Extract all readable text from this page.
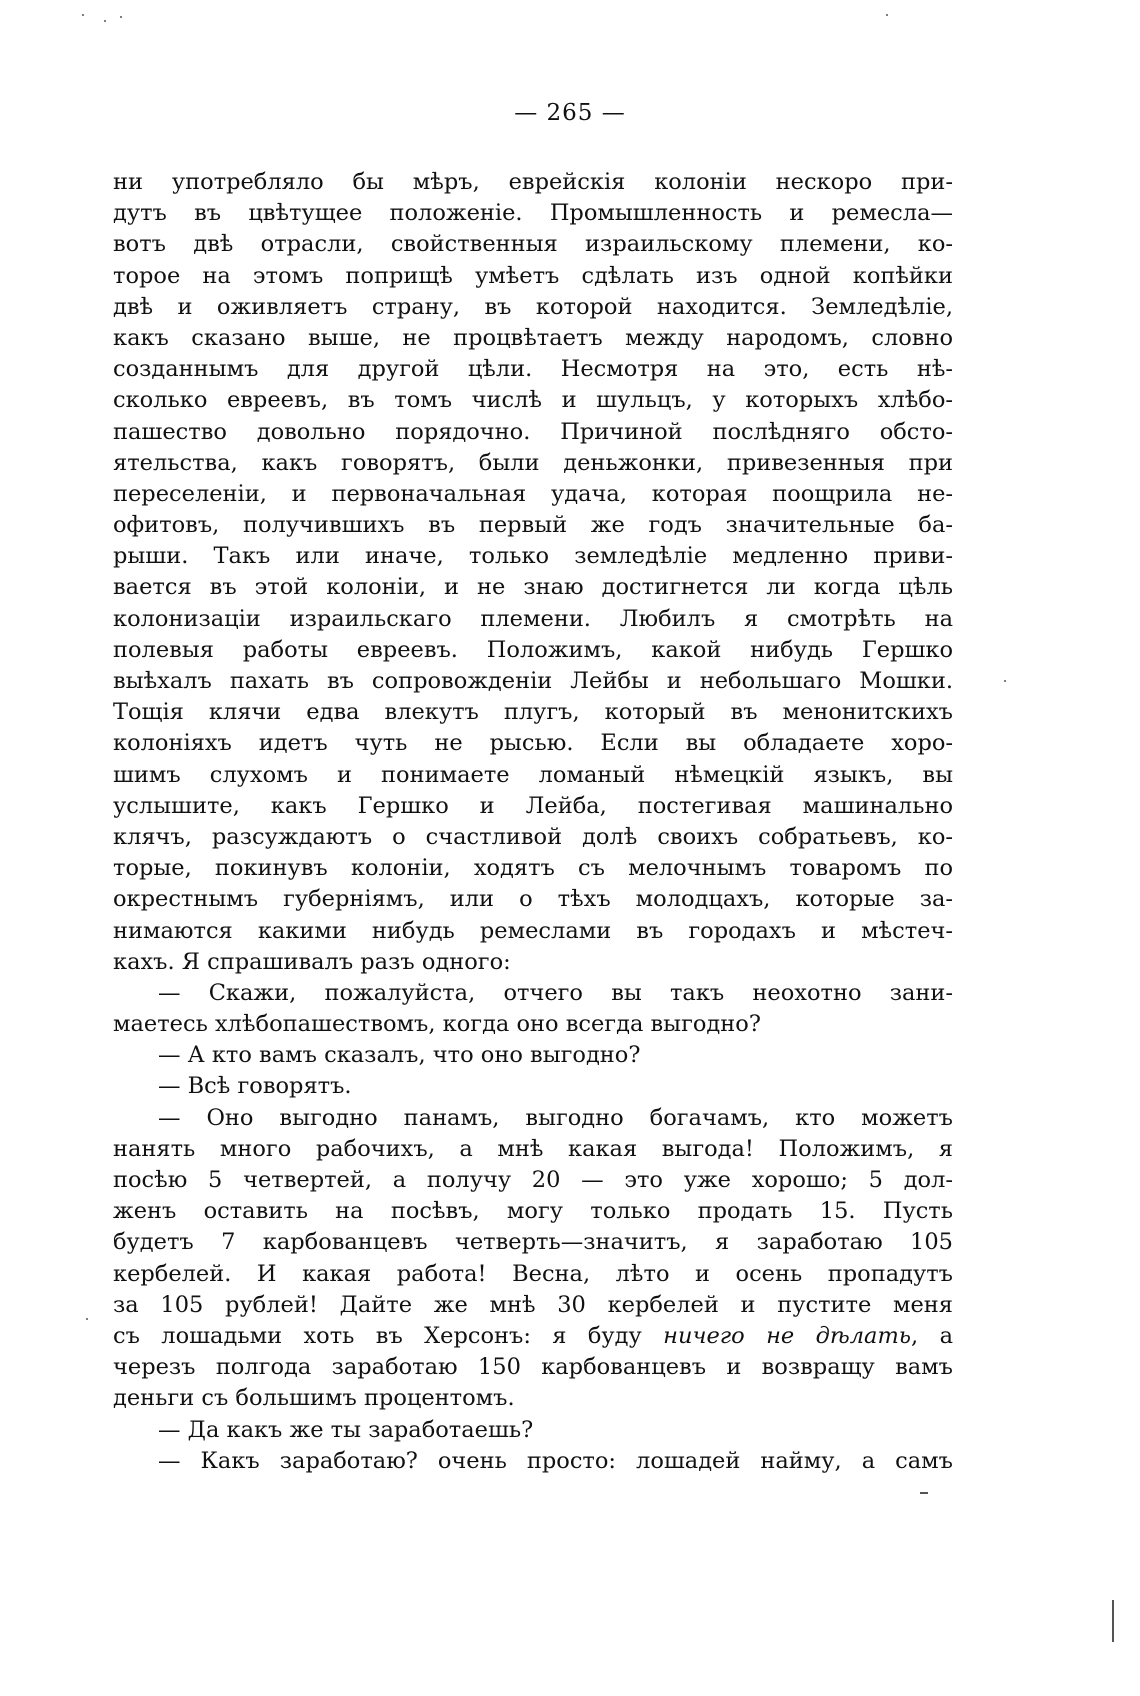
— 265 —
ни употребляло бы мѣръ, еврейскія колоніи нескоро при-
дутъ въ цвѣтущее положеніе. Промышленность и ремесла—
вотъ двѣ отрасли, свойственныя израильскому племени, ко-
торое на этомъ поприщѣ умѣетъ сдѣлать изъ одной копѣйки
двѣ и оживляетъ страну, въ которой находится. Земледѣліе,
какъ сказано выше, не процвѣтаетъ между народомъ, словно
созданнымъ для другой цѣли. Несмотря на это, есть нѣ-
сколько евреевъ, въ томъ числѣ и шульцъ, у которыхъ хлѣбо-
пашество довольно порядочно. Причиной послѣдняго обсто-
ятельства, какъ говорятъ, были деньжонки, привезенныя при
переселеніи, и первоначальная удача, которая поощрила не-
офитовъ, получившихъ въ первый же годъ значительные ба-
рыши. Такъ или иначе, только земледѣліе медленно приви-
вается въ этой колоніи, и не знаю достигнется ли когда цѣль
колонизаціи израильскаго племени. Любилъ я смотрѣть на
полевыя работы евреевъ. Положимъ, какой нибудь Гершко
выѣхалъ пахать въ сопровожденіи Лейбы и небольшаго Мошки.
Тощія клячи едва влекутъ плугъ, который въ менонитскихъ
колоніяхъ идетъ чуть не рысью. Если вы обладаете хоро-
шимъ слухомъ и понимаете ломаный нѣмецкій языкъ, вы
услышите, какъ Гершко и Лейба, постегивая машинально
клячъ, разсуждаютъ о счастливой долѣ своихъ собратьевъ, ко-
торые, покинувъ колоніи, ходятъ съ мелочнымъ товаромъ по
окрестнымъ губерніямъ, или о тѣхъ молодцахъ, которые за-
нимаются какими нибудь ремеслами въ городахъ и мѣстеч-
кахъ. Я спрашивалъ разъ одного:
— Скажи, пожалуйста, отчего вы такъ неохотно зани-
маетесь хлѣбопашествомъ, когда оно всегда выгодно?
— А кто вамъ сказалъ, что оно выгодно?
— Всѣ говорятъ.
— Оно выгодно панамъ, выгодно богачамъ, кто можетъ
нанять много рабочихъ, а мнѣ какая выгода! Положимъ, я
посѣю 5 четвертей, а получу 20 — это уже хорошо; 5 дол-
женъ оставить на посѣвъ, могу только продать 15. Пусть
будетъ 7 карбованцевъ четверть—значитъ, я заработаю 105
кербелей. И какая работа! Весна, лѣто и осень пропадутъ
за 105 рублей! Дайте же мнѣ 30 кербелей и пустите меня
съ лошадьми хоть въ Херсонъ: я буду ничего не дѣлать, а
черезъ полгода заработаю 150 карбованцевъ и возвращу вамъ
деньги съ большимъ процентомъ.
— Да какъ же ты заработаешь?
— Какъ заработаю? очень просто: лошадей найму, а самъ
